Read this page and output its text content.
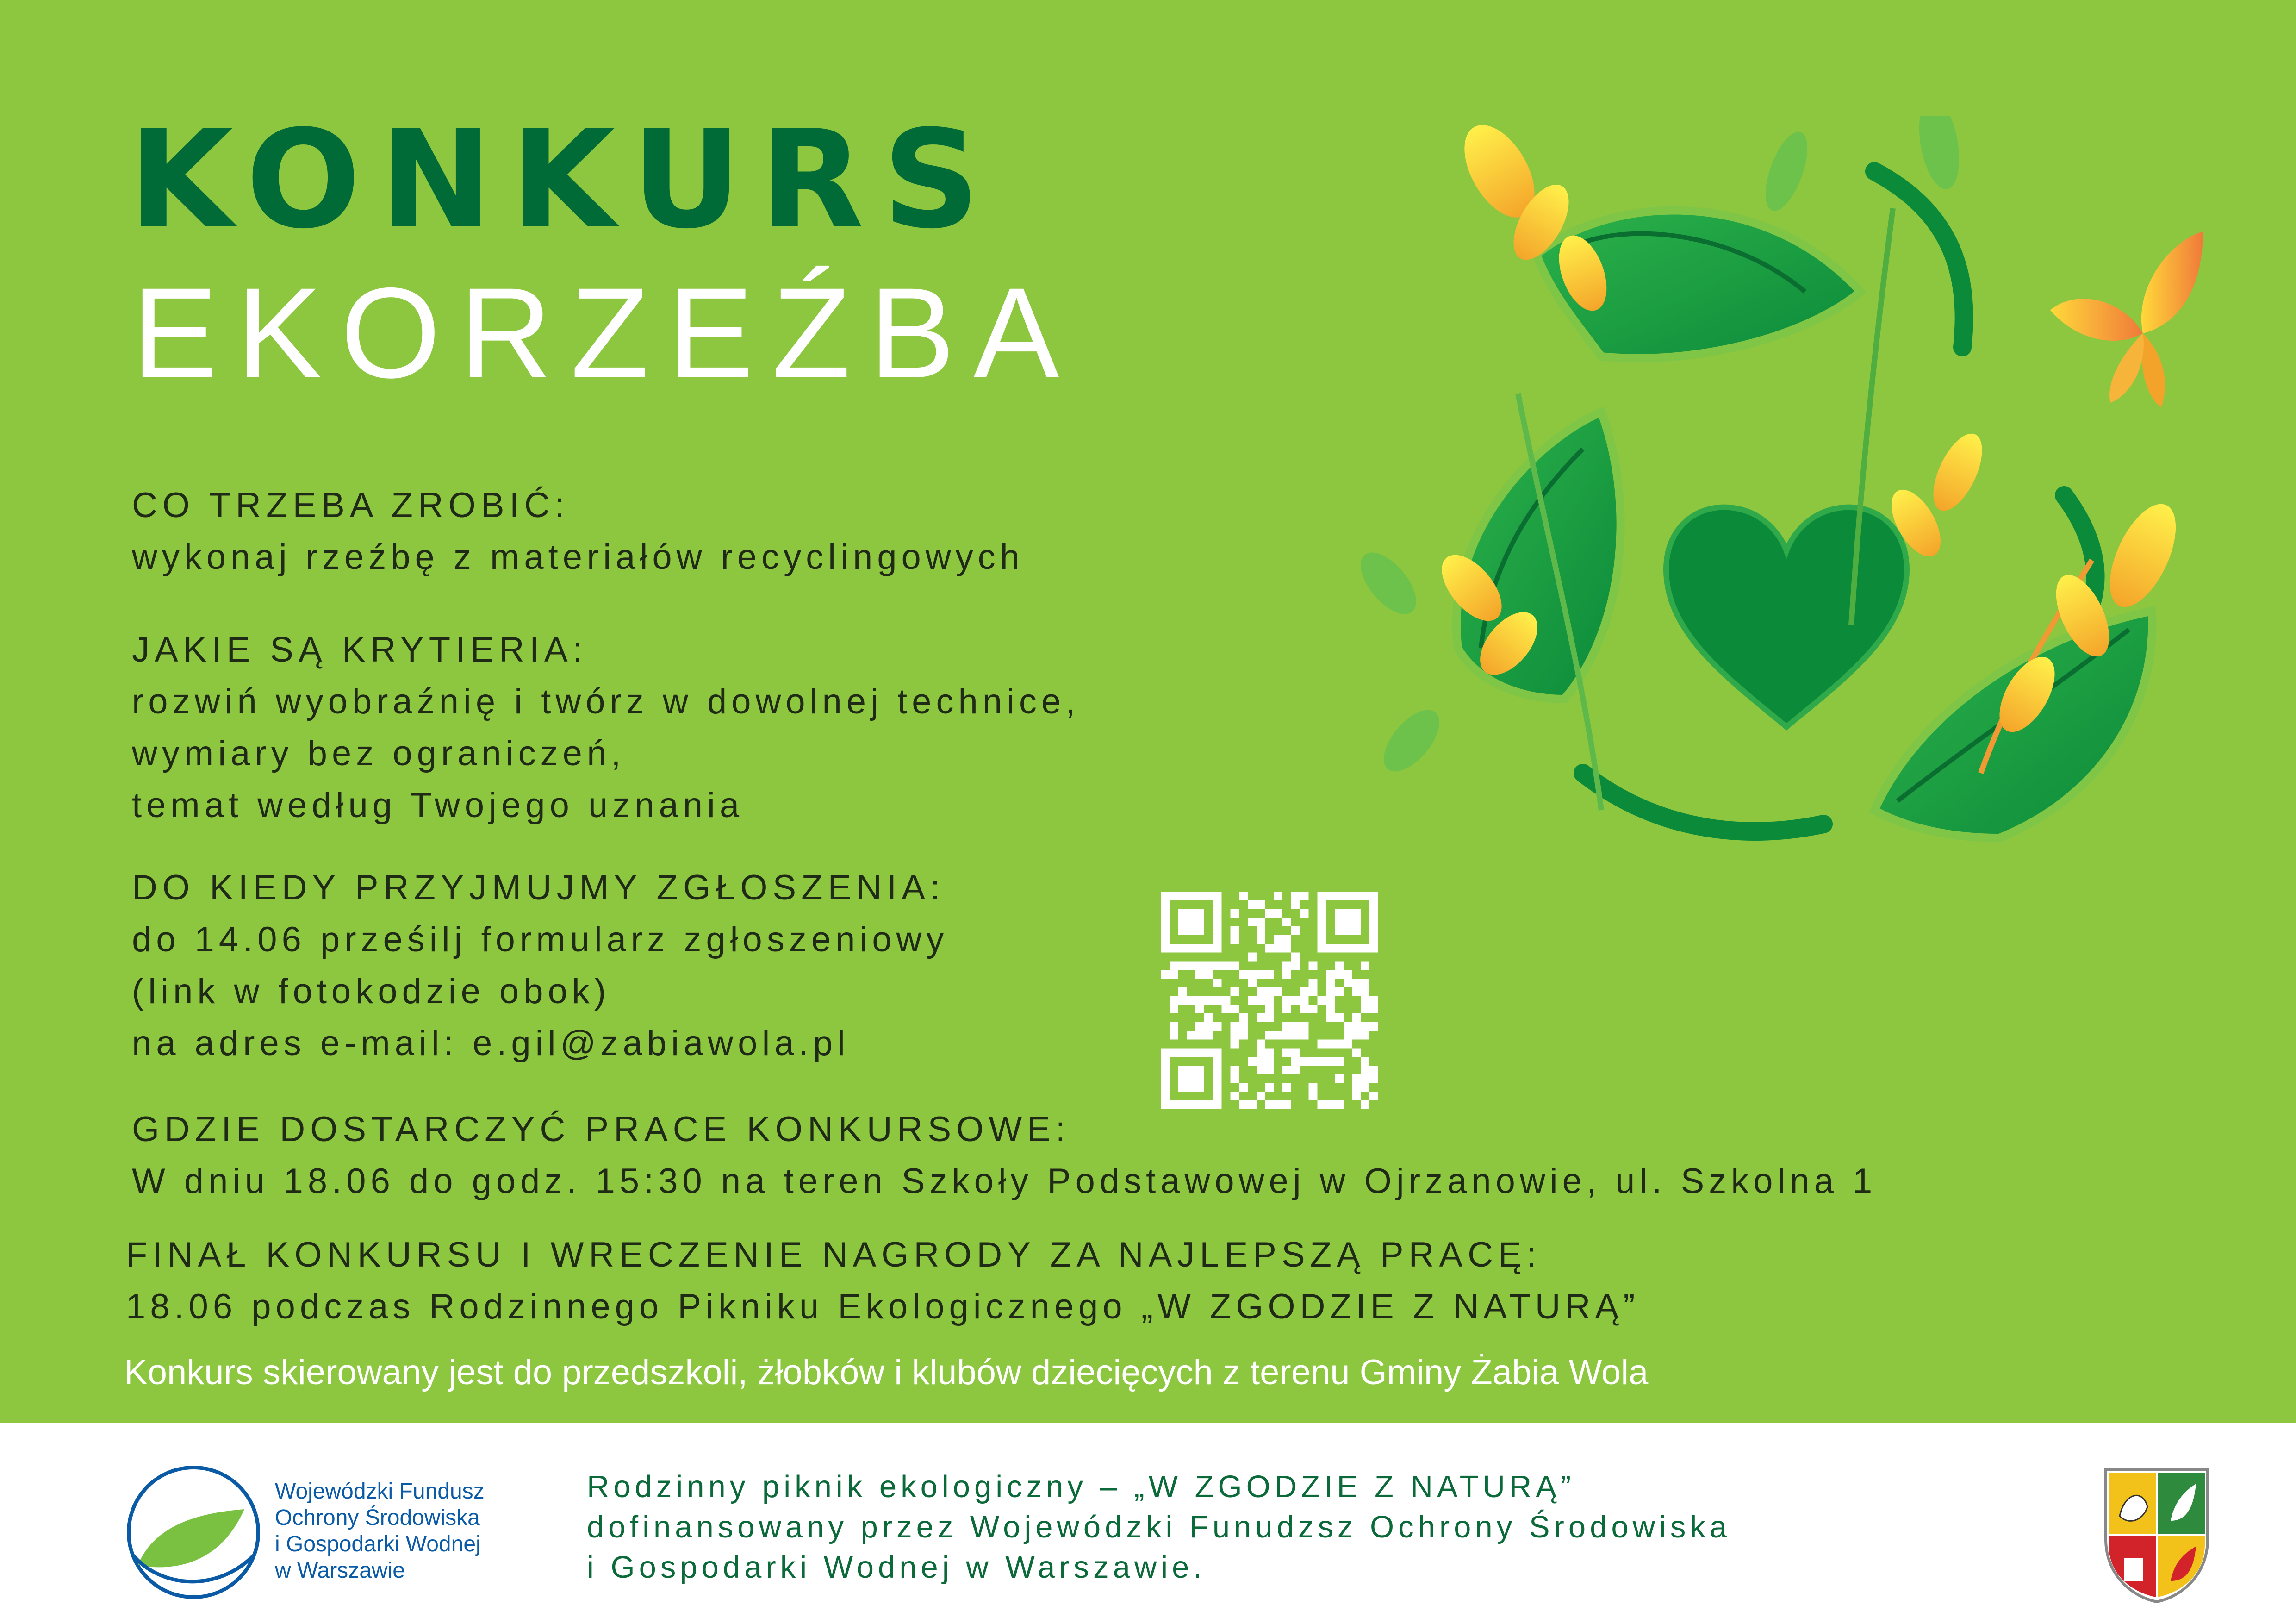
KONKURS
EKORZEŹBA
CO TRZEBA ZROBIĆ:
wykonaj rzeźbę z materiałów recyclingowych
JAKIE SĄ KRYTIERIA:
rozwiń wyobraźnię i twórz w dowolnej technice,
wymiary bez ograniczeń,
temat według Twojego uznania
DO KIEDY PRZYJMUJMY ZGŁOSZENIA:
do 14.06 prześilj formularz zgłoszeniowy
(link w fotokodzie obok)
na adres e-mail: e.gil@zabiawola.pl
GDZIE DOSTARCZYĆ PRACE KONKURSOWE:
W dniu 18.06 do godz. 15:30 na teren Szkoły Podstawowej w Ojrzanowie, ul. Szkolna 1
FINAŁ KONKURSU I WRECZENIE NAGRODY ZA NAJLEPSZĄ PRACĘ:
18.06 podczas Rodzinnego Pikniku Ekologicznego „W ZGODZIE Z NATURĄ”
Konkurs skierowany jest do przedszkoli, żłobków i klubów dziecięcych z terenu Gminy Żabia Wola
Wojewódzki Fundusz
Ochrony Środowiska
i Gospodarki Wodnej
w Warszawie
Rodzinny piknik ekologiczny – „W ZGODZIE Z NATURĄ”
dofinansowany przez Wojewódzki Funudzsz Ochrony Środowiska
i Gospodarki Wodnej w Warszawie.
